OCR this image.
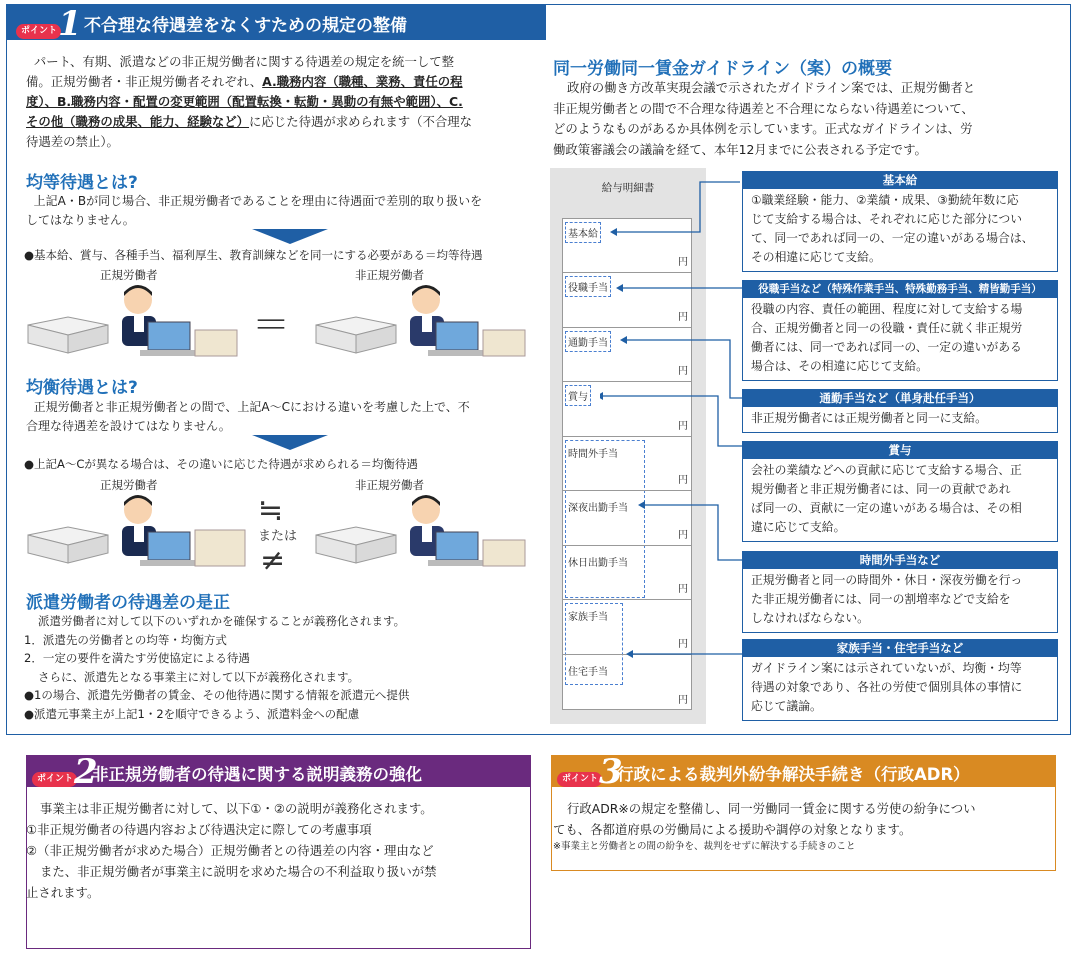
ポイント 1 不合理な待遇差をなくすための規定の整備
パート、有期、派遣などの非正規労働者に関する待遇差の規定を統一して整
備。正規労働者・非正規労働者それぞれ、A.職務内容（職種、業務、責任の程
度）、B.職務内容・配置の変更範囲（配置転換・転勤・異動の有無や範囲）、C.
その他（職務の成果、能力、経験など）に応じた待遇が求められます（不合理な
待遇差の禁止）。
均等待遇とは?
上記A・Bが同じ場合、非正規労働者であることを理由に待遇面で差別的取り扱いを
してはなりません。
●基本給、賞与、各種手当、福利厚生、教育訓練などを同一にする必要がある＝均等待遇
正規労働者	非正規労働者
＝
均衡待遇とは?
正規労働者と非正規労働者との間で、上記A～Cにおける違いを考慮した上で、不
合理な待遇差を設けてはなりません。
●上記A～Cが異なる場合は、その違いに応じた待遇が求められる＝均衡待遇
正規労働者	非正規労働者
≒
または
≠
派遣労働者の待遇差の是正
派遣労働者に対して以下のいずれかを確保することが義務化されます。
1．派遣先の労働者との均等・均衡方式
2．一定の要件を満たす労使協定による待遇
さらに、派遣先となる事業主に対して以下が義務化されます。
●1の場合、派遣先労働者の賃金、その他待遇に関する情報を派遣元へ提供
●派遣元事業主が上記1・2を順守できるよう、派遣料金への配慮
同一労働同一賃金ガイドライン（案）の概要
政府の働き方改革実現会議で示されたガイドライン案では、正規労働者と
非正規労働者との間で不合理な待遇差と不合理にならない待遇差について、
どのようなものがあるか具体例を示しています。正式なガイドラインは、労
働政策審議会の議論を経て、本年12月までに公表される予定です。
給与明細書
基本給
円
役職手当
円
通勤手当
円
賞与
円
時間外手当
円
深夜出勤手当
円
休日出勤手当
円
家族手当
円
住宅手当
円
基本給
①職業経験・能力、②業績・成果、③勤続年数に応
じて支給する場合は、それぞれに応じた部分につい
て、同一であれば同一の、一定の違いがある場合は、
その相違に応じて支給。
役職手当など（特殊作業手当、特殊勤務手当、精皆勤手当）
役職の内容、責任の範囲、程度に対して支給する場
合、正規労働者と同一の役職・責任に就く非正規労
働者には、同一であれば同一の、一定の違いがある
場合は、その相違に応じて支給。
通勤手当など（単身赴任手当）
非正規労働者には正規労働者と同一に支給。
賞与
会社の業績などへの貢献に応じて支給する場合、正
規労働者と非正規労働者には、同一の貢献であれ
ば同一の、貢献に一定の違いがある場合は、その相
違に応じて支給。
時間外手当など
正規労働者と同一の時間外・休日・深夜労働を行っ
た非正規労働者には、同一の割増率などで支給を
しなければならない。
家族手当・住宅手当など
ガイドライン案には示されていないが、均衡・均等
待遇の対象であり、各社の労使で個別具体の事情に
応じて議論。
ポイント 2
非正規労働者の待遇に関する説明義務の強化
事業主は非正規労働者に対して、以下①・②の説明が義務化されます。
①非正規労働者の待遇内容および待遇決定に際しての考慮事項
②（非正規労働者が求めた場合）正規労働者との待遇差の内容・理由など
また、非正規労働者が事業主に説明を求めた場合の不利益取り扱いが禁
止されます。
ポイント 3
行政による裁判外紛争解決手続き（行政ADR）
行政ADR※の規定を整備し、同一労働同一賃金に関する労使の紛争につい
ても、各都道府県の労働局による援助や調停の対象となります。
※事業主と労働者との間の紛争を、裁判をせずに解決する手続きのこと
